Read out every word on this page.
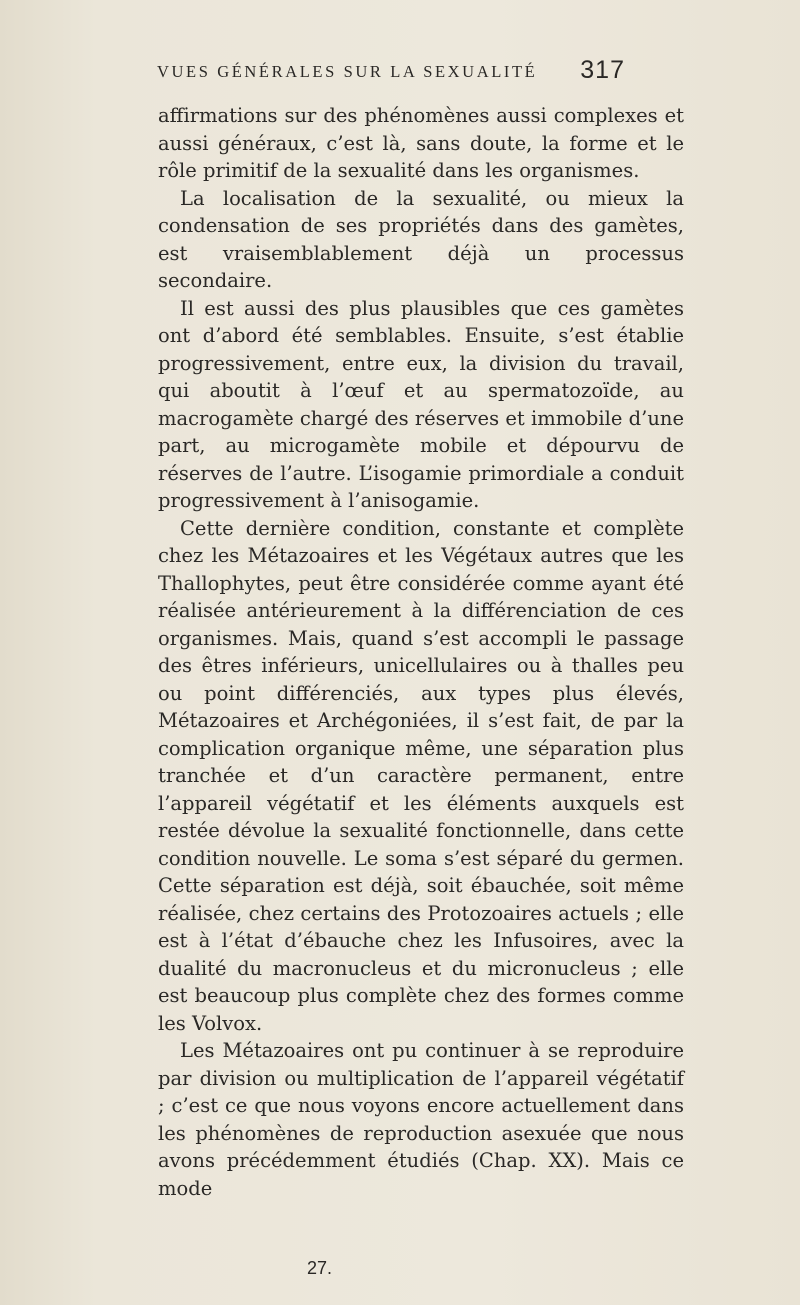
VUES GÉNÉRALES SUR LA SEXUALITÉ 317

affirmations sur des phénomènes aussi complexes et aussi généraux, c’est là, sans doute, la forme et le rôle primitif de la sexualité dans les organismes.

La localisation de la sexualité, ou mieux la condensation de ses propriétés dans des gamètes, est vraisemblablement déjà un processus secondaire.

Il est aussi des plus plausibles que ces gamètes ont d’abord été semblables. Ensuite, s’est établie progressivement, entre eux, la division du travail, qui aboutit à l’œuf et au spermatozoïde, au macrogamète chargé des réserves et immobile d’une part, au microgamète mobile et dépourvu de réserves de l’autre. L’isogamie primordiale a conduit progressivement à l’anisogamie.

Cette dernière condition, constante et complète chez les Métazoaires et les Végétaux autres que les Thallophytes, peut être considérée comme ayant été réalisée antérieurement à la différenciation de ces organismes. Mais, quand s’est accompli le passage des êtres inférieurs, unicellulaires ou à thalles peu ou point différenciés, aux types plus élevés, Métazoaires et Archégoniées, il s’est fait, de par la complication organique même, une séparation plus tranchée et d’un caractère permanent, entre l’appareil végétatif et les éléments auxquels est restée dévolue la sexualité fonctionnelle, dans cette condition nouvelle. Le soma s’est séparé du germen. Cette séparation est déjà, soit ébauchée, soit même réalisée, chez certains des Protozoaires actuels ; elle est à l’état d’ébauche chez les Infusoires, avec la dualité du macronucleus et du micronucleus ; elle est beaucoup plus complète chez des formes comme les Volvox.

Les Métazoaires ont pu continuer à se reproduire par division ou multiplication de l’appareil végétatif ; c’est ce que nous voyons encore actuellement dans les phénomènes de reproduction asexuée que nous avons précédemment étudiés (Chap. XX). Mais ce mode

27.
